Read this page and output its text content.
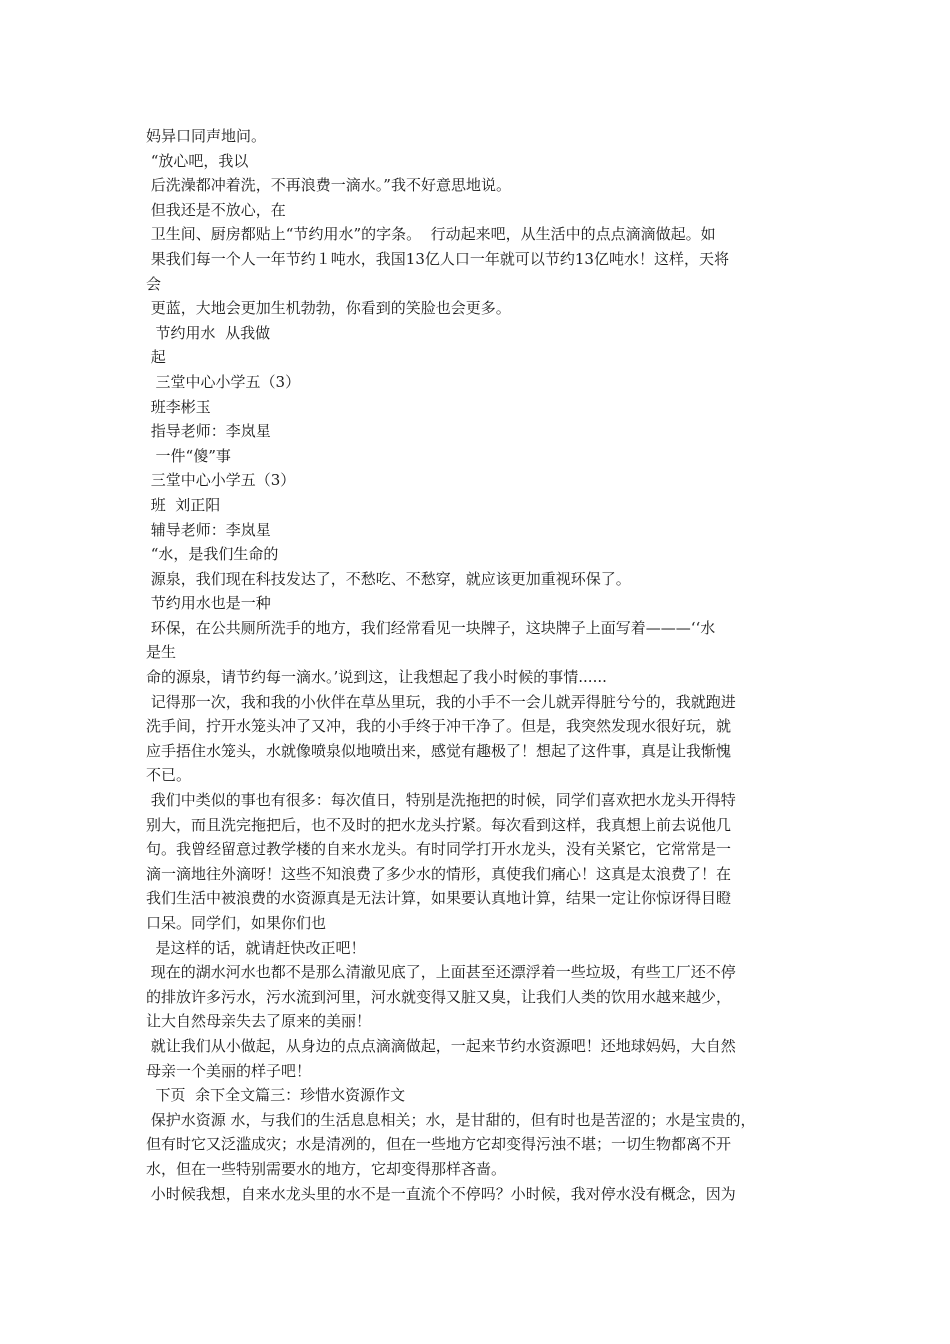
妈异口同声地问。
“放心吧，我以
后洗澡都冲着洗，不再浪费一滴水。”我不好意思地说。
但我还是不放心，在
卫生间、厨房都贴上“节约用水”的字条。  行动起来吧，从生活中的点点滴滴做起。如
果我们每一个人一年节约１吨水，我国13亿人口一年就可以节约13亿吨水！这样，天将
会
更蓝，大地会更加生机勃勃，你看到的笑脸也会更多。
节约用水  从我做
起
三堂中心小学五（3）
班李彬玉
指导老师：李岚星
一件“傻”事
三堂中心小学五（3）
班  刘正阳
辅导老师：李岚星
“水，是我们生命的
源泉，我们现在科技发达了，不愁吃、不愁穿，就应该更加重视环保了。
节约用水也是一种
环保，在公共厕所洗手的地方，我们经常看见一块牌子，这块牌子上面写着———‘‘水
是生
命的源泉，请节约每一滴水。’说到这，让我想起了我小时候的事情......
记得那一次，我和我的小伙伴在草丛里玩，我的小手不一会儿就弄得脏兮兮的，我就跑进
洗手间，拧开水笼头冲了又冲，我的小手终于冲干净了。但是，我突然发现水很好玩，就
应手捂住水笼头，水就像喷泉似地喷出来，感觉有趣极了！想起了这件事，真是让我惭愧
不已。
我们中类似的事也有很多：每次值日，特别是洗拖把的时候，同学们喜欢把水龙头开得特
别大，而且洗完拖把后，也不及时的把水龙头拧紧。每次看到这样，我真想上前去说他几
句。我曾经留意过教学楼的自来水龙头。有时同学打开水龙头，没有关紧它，它常常是一
滴一滴地往外滴呀！这些不知浪费了多少水的情形，真使我们痛心！这真是太浪费了！在
我们生活中被浪费的水资源真是无法计算，如果要认真地计算，结果一定让你惊讶得目瞪
口呆。同学们，如果你们也
是这样的话，就请赶快改正吧！
现在的湖水河水也都不是那么清澈见底了，上面甚至还漂浮着一些垃圾，有些工厂还不停
的排放许多污水，污水流到河里，河水就变得又脏又臭，让我们人类的饮用水越来越少，
让大自然母亲失去了原来的美丽！
就让我们从小做起，从身边的点点滴滴做起，一起来节约水资源吧！还地球妈妈，大自然
母亲一个美丽的样子吧！
下页  余下全文篇三：珍惜水资源作文
保护水资源 水，与我们的生活息息相关；水，是甘甜的，但有时也是苦涩的；水是宝贵的，
但有时它又泛滥成灾；水是清冽的，但在一些地方它却变得污浊不堪；一切生物都离不开
水，但在一些特别需要水的地方，它却变得那样吝啬。
小时候我想，自来水龙头里的水不是一直流个不停吗？小时候，我对停水没有概念，因为
